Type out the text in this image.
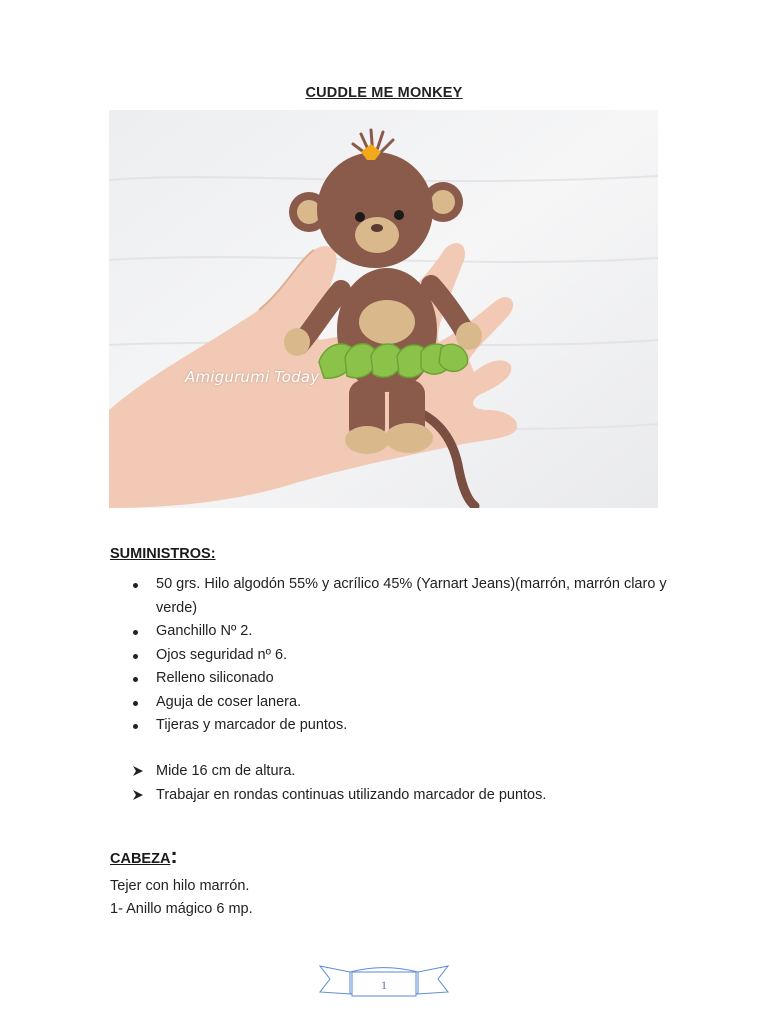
CUDDLE ME MONKEY
Amigurumi Today
SUMINISTROS:
50 grs. Hilo algodón 55% y acrílico 45% (Yarnart Jeans)(marrón, marrón claro y verde)
Ganchillo Nº 2.
Ojos seguridad nº 6.
Relleno siliconado
Aguja de coser lanera.
Tijeras y marcador de puntos.
Mide 16 cm de altura.
Trabajar en rondas continuas utilizando marcador de puntos.
CABEZA:
Tejer con hilo marrón.
1- Anillo mágico 6 mp.
1
